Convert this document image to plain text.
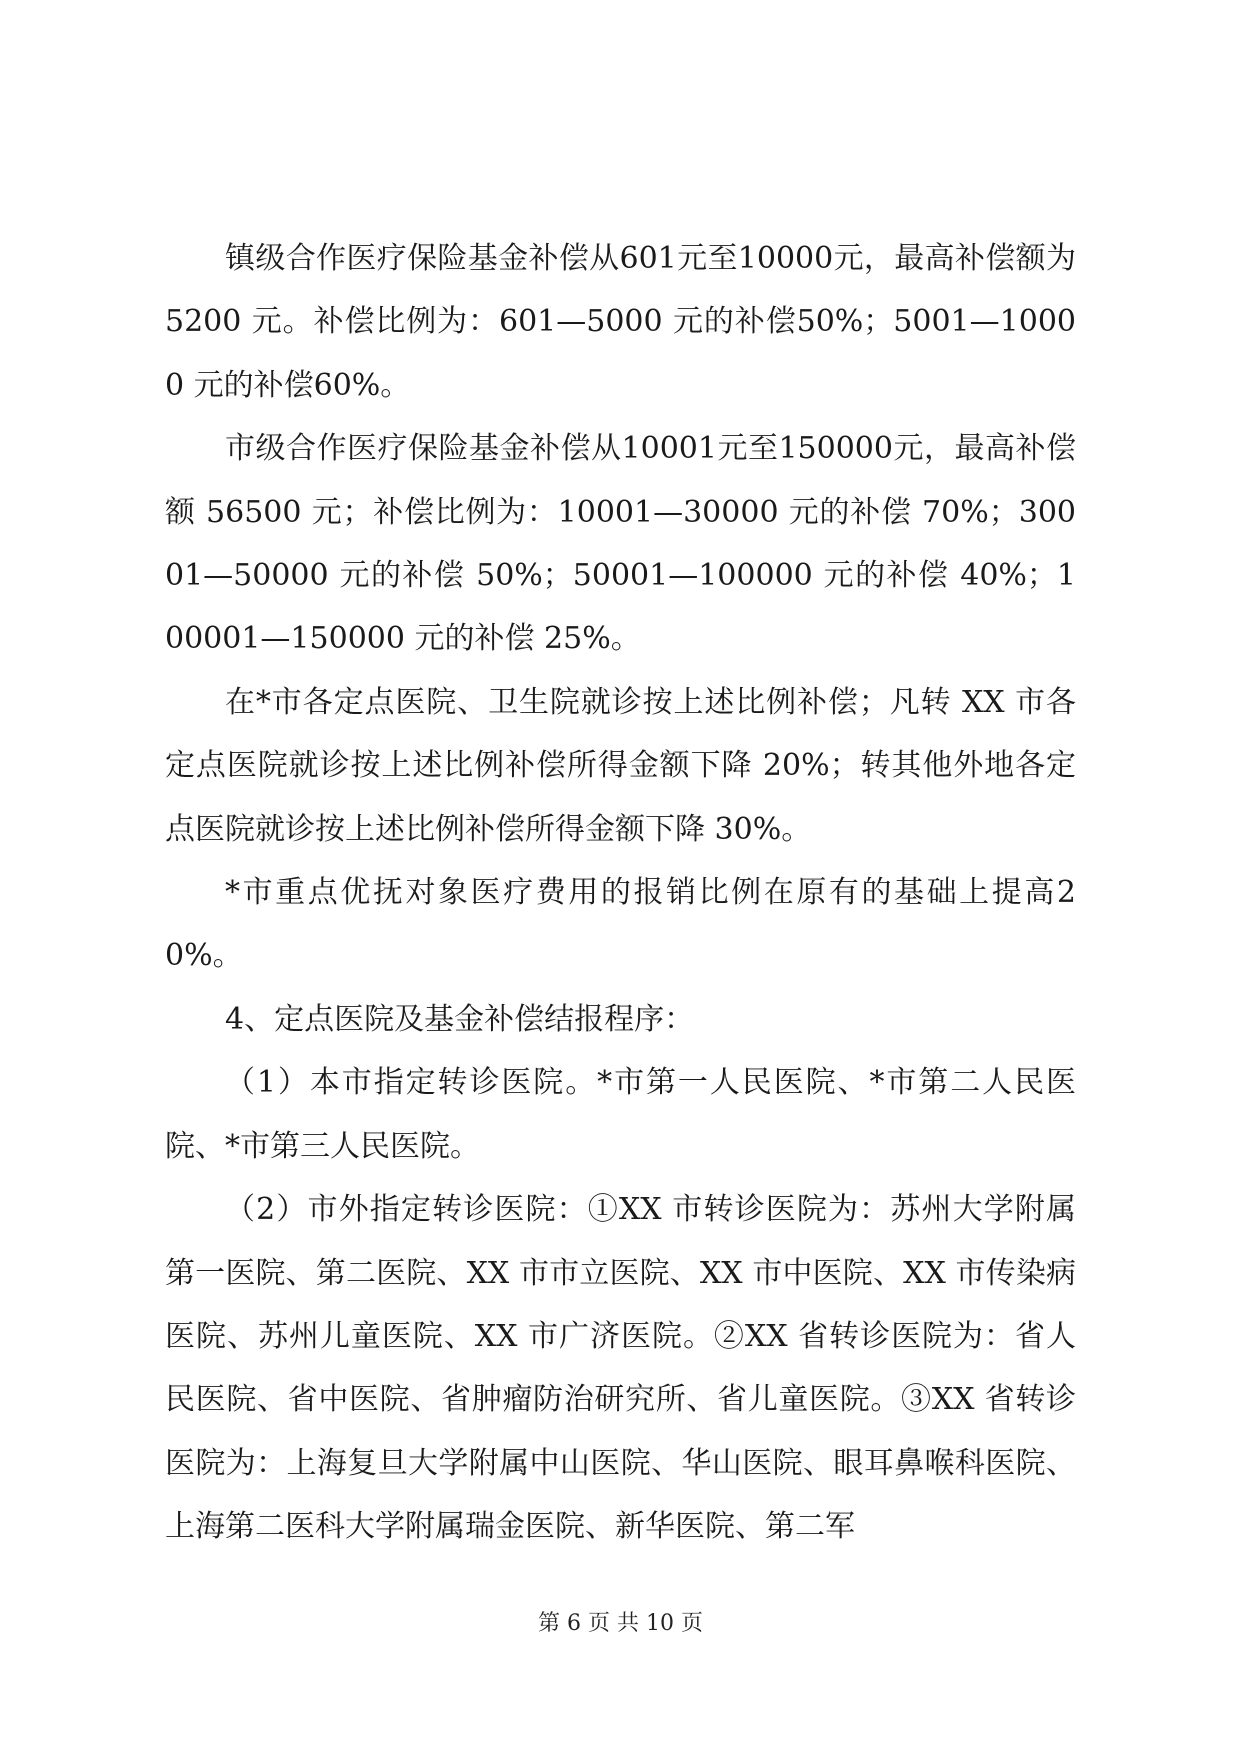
镇级合作医疗保险基金补偿从601元至10000元，最高补偿额为5200 元。补偿比例为：601—5000 元的补偿50%；5001—10000 元的补偿60%。

市级合作医疗保险基金补偿从10001元至150000元，最高补偿额 56500 元；补偿比例为：10001—30000 元的补偿 70%；30001—50000 元的补偿 50%；50001—100000 元的补偿 40%；100001—150000 元的补偿 25%。

在*市各定点医院、卫生院就诊按上述比例补偿；凡转 XX 市各定点医院就诊按上述比例补偿所得金额下降 20%；转其他外地各定点医院就诊按上述比例补偿所得金额下降 30%。

*市重点优抚对象医疗费用的报销比例在原有的基础上提高20%。

4、定点医院及基金补偿结报程序：

（1）本市指定转诊医院。*市第一人民医院、*市第二人民医院、*市第三人民医院。

（2）市外指定转诊医院：①XX 市转诊医院为：苏州大学附属第一医院、第二医院、XX 市市立医院、XX 市中医院、XX 市传染病医院、苏州儿童医院、XX 市广济医院。②XX 省转诊医院为：省人民医院、省中医院、省肿瘤防治研究所、省儿童医院。③XX 省转诊医院为：上海复旦大学附属中山医院、华山医院、眼耳鼻喉科医院、上海第二医科大学附属瑞金医院、新华医院、第二军

第 6 页 共 10 页
